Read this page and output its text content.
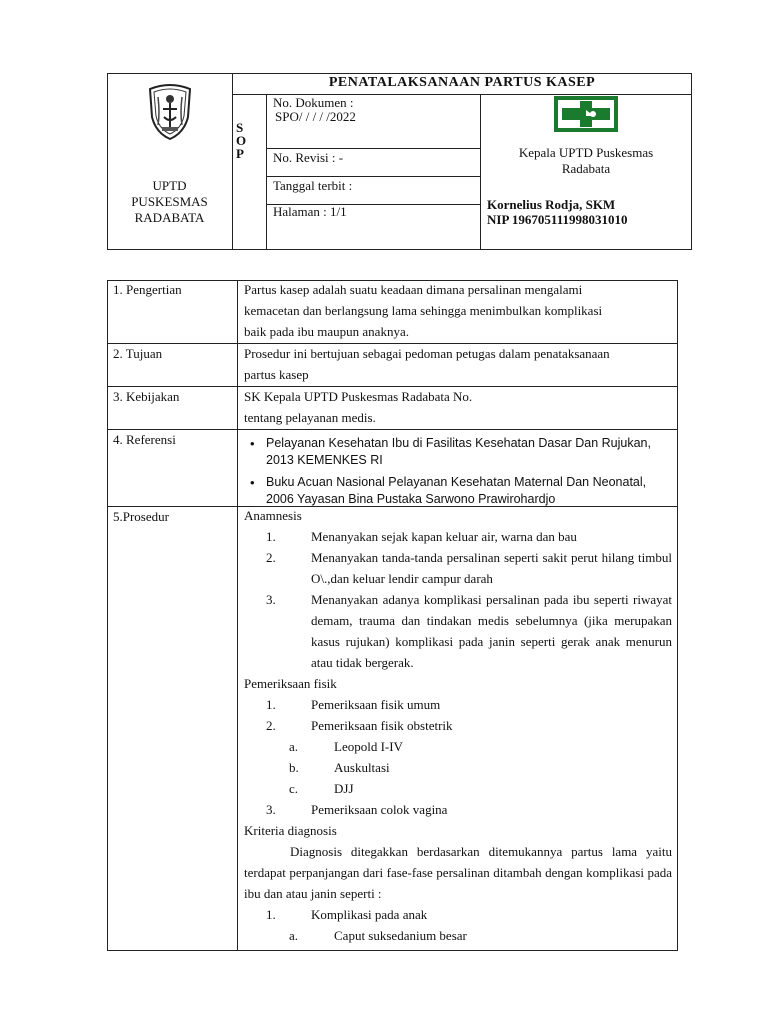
PENATALAKSANAAN PARTUS KASEP
UPTD
PUSKESMAS
RADABATA
S
O
P
No. Dokumen :
SPO/ / / / /2022
No. Revisi : -
Tanggal terbit :
Halaman : 1/1
Kepala UPTD Puskesmas
Radabata
Kornelius Rodja, SKM
NIP 196705111998031010
1. Pengertian	Partus kasep adalah suatu keadaan dimana persalinan mengalami
kemacetan dan berlangsung lama sehingga menimbulkan komplikasi
baik pada ibu maupun anaknya.
2. Tujuan	Prosedur ini bertujuan sebagai pedoman petugas dalam penataksanaan
partus kasep
3. Kebijakan	SK Kepala UPTD Puskesmas Radabata No.
tentang pelayanan medis.
4. Referensi
•	Pelayanan Kesehatan Ibu di Fasilitas Kesehatan Dasar Dan Rujukan, 2013 KEMENKES RI
• Buku Acuan Nasional Pelayanan Kesehatan Maternal Dan Neonatal, 2006 Yayasan Bina Pustaka Sarwono Prawirohardjo
5.Prosedur	Anamnesis
1.	Menanyakan sejak kapan keluar air, warna dan bau
2.	Menanyakan tanda-tanda persalinan seperti sakit perut hilang timbul O\.,dan keluar lendir campur darah
3.	Menanyakan adanya komplikasi persalinan pada ibu seperti riwayat demam, trauma dan tindakan medis sebelumnya (jika merupakan kasus rujukan) komplikasi pada janin seperti gerak anak menurun atau tidak bergerak.
Pemeriksaan fisik
1.	Pemeriksaan fisik umum
2.	Pemeriksaan fisik obstetrik
a.	Leopold I-IV
b.	Auskultasi
c.	DJJ
3.	Pemeriksaan colok vagina
Kriteria diagnosis
Diagnosis ditegakkan berdasarkan ditemukannya partus lama yaitu terdapat perpanjangan dari fase-fase persalinan ditambah dengan komplikasi pada ibu dan atau janin seperti :
1.	Komplikasi pada anak
a.	Caput suksedanium besar
